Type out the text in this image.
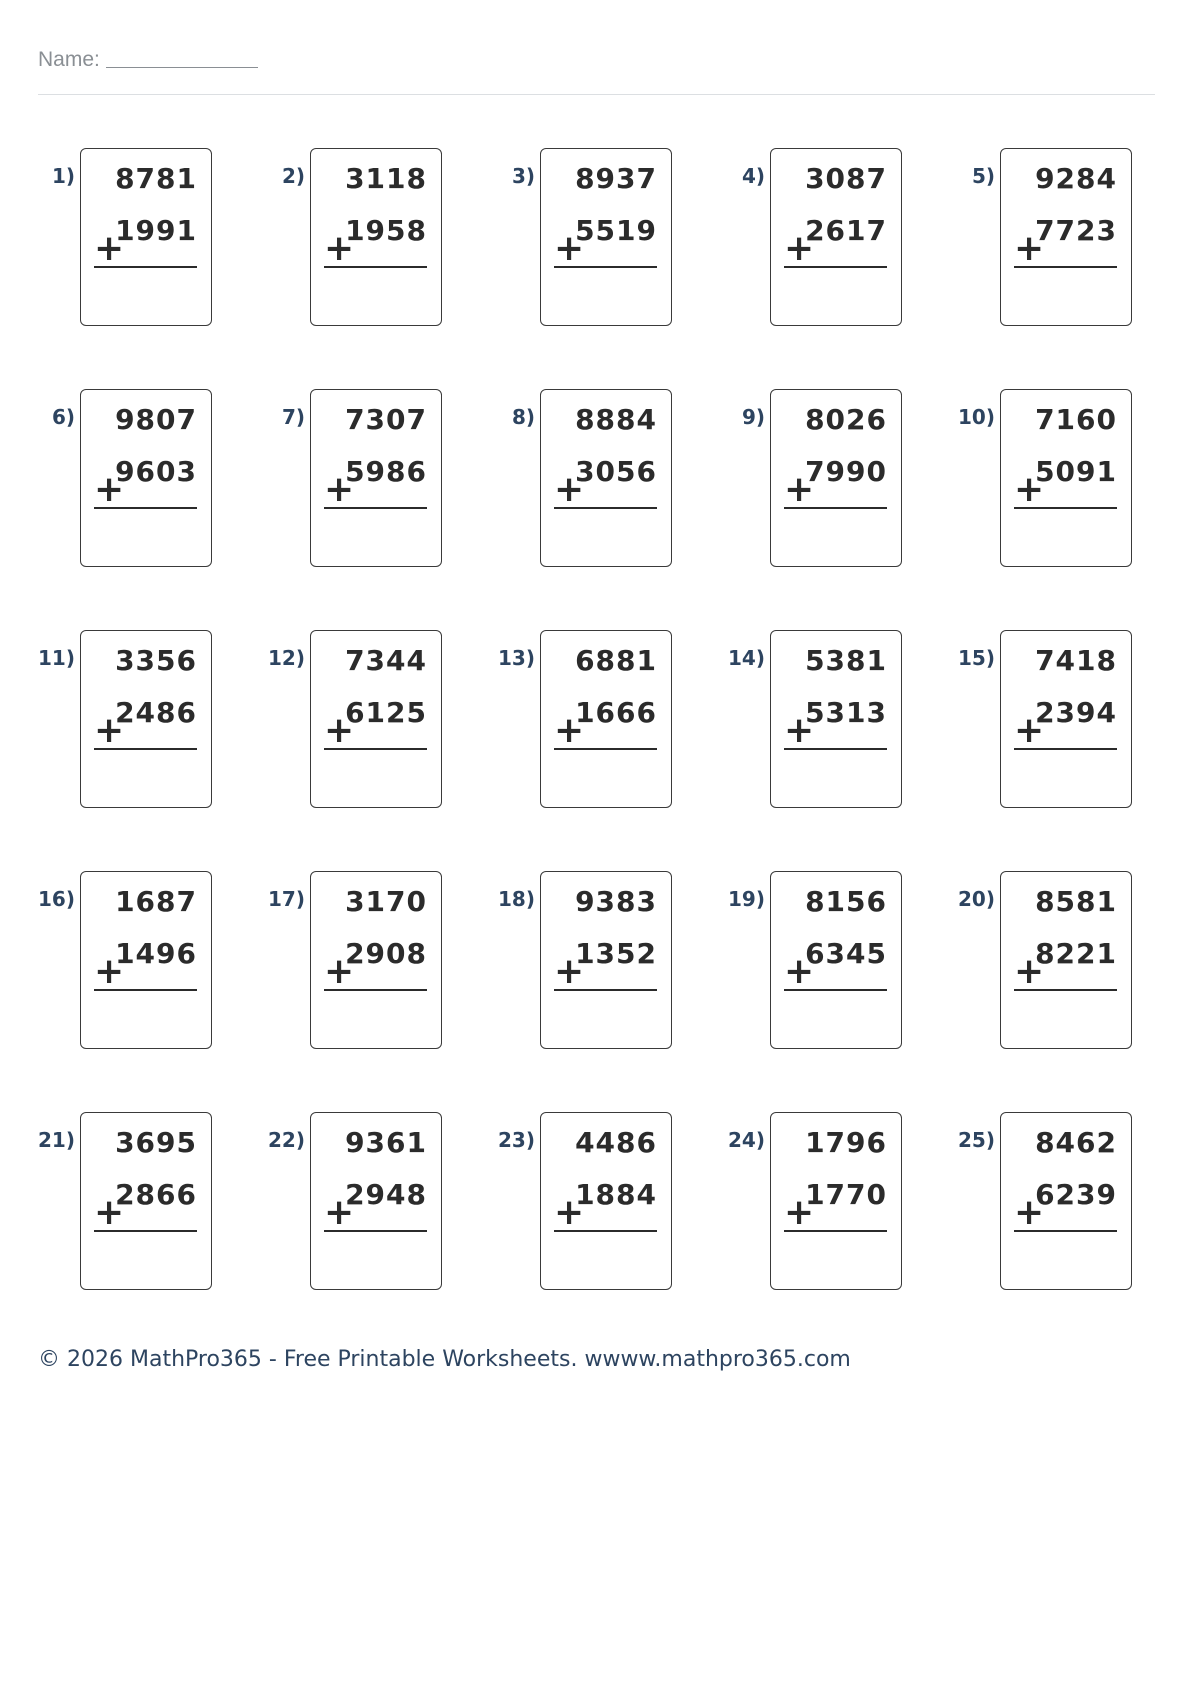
Name:
1) 8781
+
1991
2) 3118
+
1958
3) 8937
+
5519
4) 3087
+
2617
5) 9284
+
7723
6) 9807
+
9603
7) 7307
+
5986
8) 8884
+
3056
9) 8026
+
7990
10) 7160
+
5091
11) 3356
+
2486
12) 7344
+
6125
13) 6881
+
1666
14) 5381
+
5313
15) 7418
+
2394
16) 1687
+
1496
17) 3170
+
2908
18) 9383
+
1352
19) 8156
+
6345
20) 8581
+
8221
21) 3695
+
2866
22) 9361
+
2948
23) 4486
+
1884
24) 1796
+
1770
25) 8462
+
6239
© 2026 MathPro365 - Free Printable Worksheets. wwww.mathpro365.com
